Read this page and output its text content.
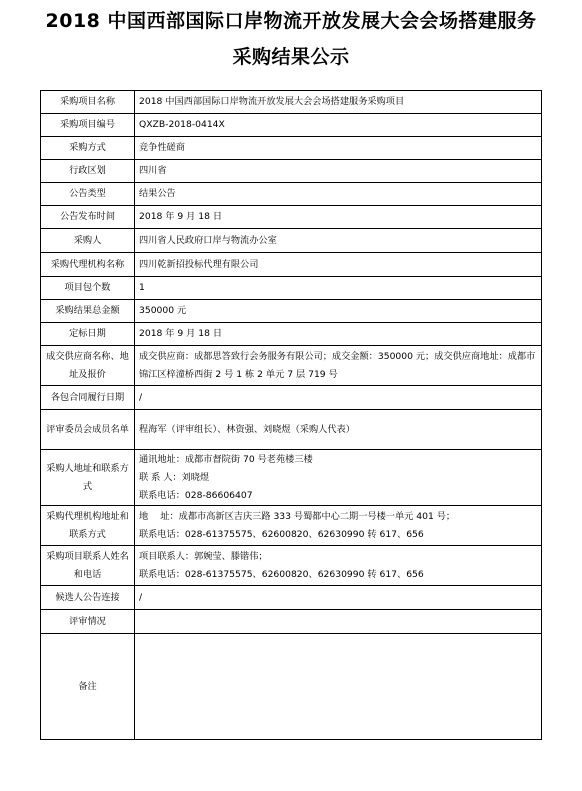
2018 中国西部国际口岸物流开放发展大会会场搭建服务
采购结果公示
采购项目名称	2018 中国西部国际口岸物流开放发展大会会场搭建服务采购项目

采购项目编号	QXZB-2018-0414X

采购方式	竞争性磋商

行政区划	四川省

公告类型	结果公告

公告发布时间	2018 年 9 月 18 日

采购人	四川省人民政府口岸与物流办公室

采购代理机构名称	四川乾新招投标代理有限公司

项目包个数	1

采购结果总金额	350000 元

定标日期	2018 年 9 月 18 日

成交供应商名称、地址及报价	成交供应商：成都思答致行会务服务有限公司；成交金额：350000 元；成交供应商地址：成都市锦江区梓潼桥西街 2 号 1 栋 2 单元 7 层 719 号

各包合同履行日期	/

评审委员会成员名单	程海军（评审组长）、林资强、刘晓煜（采购人代表）

采购人地址和联系方式	通讯地址：成都市督院街 70 号老苑楼三楼
联 系 人：刘晓煜
联系电话：028-86606407

采购代理机构地址和联系方式	地　 址：成都市高新区吉庆三路 333 号蜀都中心二期一号楼一单元 401 号；
联系电话：028-61375575、62600820、62630990 转 617、656

采购项目联系人姓名和电话	项目联系人：郭婉莹、滕锴伟；
联系电话：028-61375575、62600820、62630990 转 617、656

候选人公告连接	/

评审情况	

备注	
